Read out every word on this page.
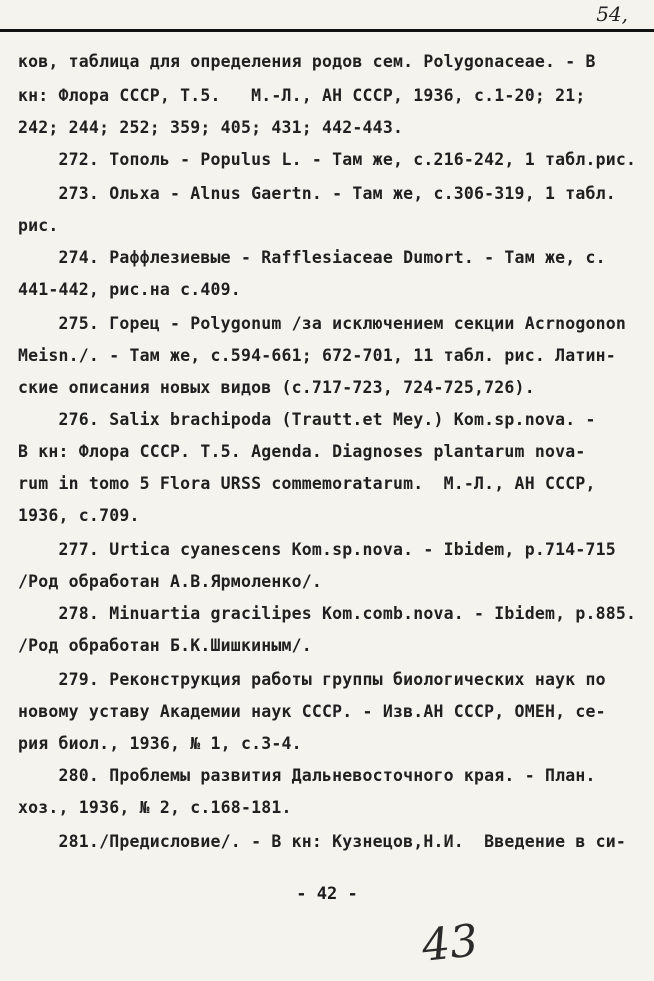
54,
ков, таблица для определения родов сем. Polygonaceae. - В
кн: Флора СССР, Т.5.   М.-Л., АН СССР, 1936, с.1-20; 21;
242; 244; 252; 359; 405; 431; 442-443.
272. Тополь - Populus L. - Там же, с.216-242, 1 табл.рис.
273. Ольха - Alnus Gaertn. - Там же, с.306-319, 1 табл.
рис.
274. Раффлезиевые - Rafflesiaceae Dumort. - Там же, с.
441-442, рис.на с.409.
275. Горец - Polygonum /за исключением секции Acrnogonon
Meisn./. - Там же, с.594-661; 672-701, 11 табл. рис. Латин-
ские описания новых видов (с.717-723, 724-725,726).
276. Salix brachipoda (Trautt.et Mey.) Kom.sp.nova. -
В кн: Флора СССР. Т.5. Agenda. Diagnoses plantarum nova-
rum in tomo 5 Flora URSS commemoratarum.  М.-Л., АН СССР,
1936, с.709.
277. Urtica cyanescens Kom.sp.nova. - Ibidem, p.714-715
/Род обработан А.В.Ярмоленко/.
278. Minuartia gracilipes Kom.comb.nova. - Ibidem, p.885.
/Род обработан Б.К.Шишкиным/.
279. Реконструкция работы группы биологических наук по
новому уставу Академии наук СССР. - Изв.АН СССР, ОМЕН, се-
рия биол., 1936, № 1, с.3-4.
280. Проблемы развития Дальневосточного края. - План.
хоз., 1936, № 2, с.168-181.
281./Предисловие/. - В кн: Кузнецов,Н.И.  Введение в си-
- 42 -
43
